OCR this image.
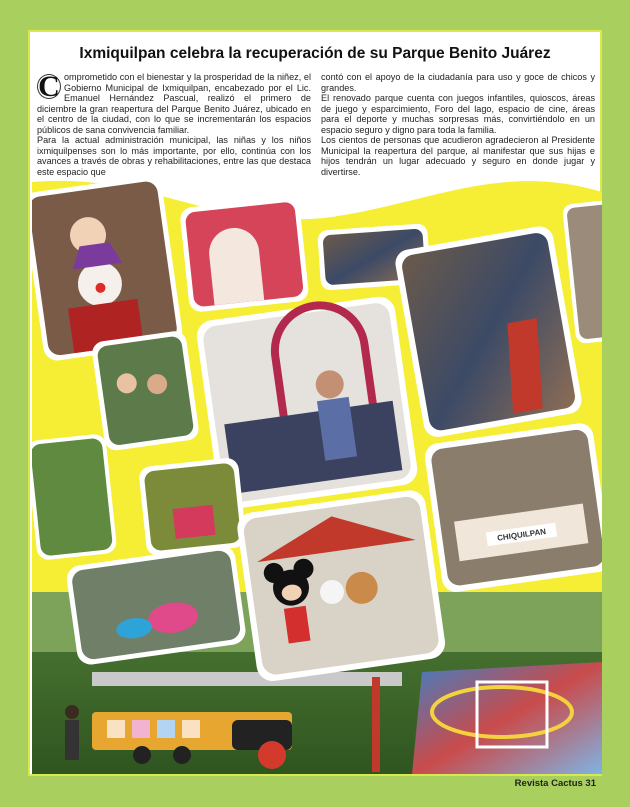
Ixmiquilpan celebra la recuperación de su Parque Benito Juárez

C omprometido con el bienestar y la prosperidad de la niñez, el Gobierno Municipal de Ixmiquilpan, encabezado por el Lic. Emanuel Hernández Pascual, realizó el primero de diciembre la gran reapertura del Parque Benito Juárez, ubicado en el centro de la ciudad, con lo que se incrementarán los espacios públicos de sana convivencia familiar.

Para la actual administración municipal, las niñas y los niños ixmiquilpenses son lo más importante, por ello, continúa con los avances a través de obras y rehabilitaciones, entre las que destaca este espacio que

contó con el apoyo de la ciudadanía para uso y goce de chicos y grandes.

El renovado parque cuenta con juegos infantiles, quioscos, áreas de juego y esparcimiento, Foro del lago, espacio de cine, áreas para el deporte y muchas sorpresas más, convirtiéndolo en un espacio seguro y digno para toda la familia.

Los cientos de personas que acudieron agradecieron al Presidente Municipal la reapertura del parque, al manifestar que sus hijas e hijos tendrán un lugar adecuado y seguro en donde jugar y divertirse.

CHIQUILPAN
Revista Cactus 31
